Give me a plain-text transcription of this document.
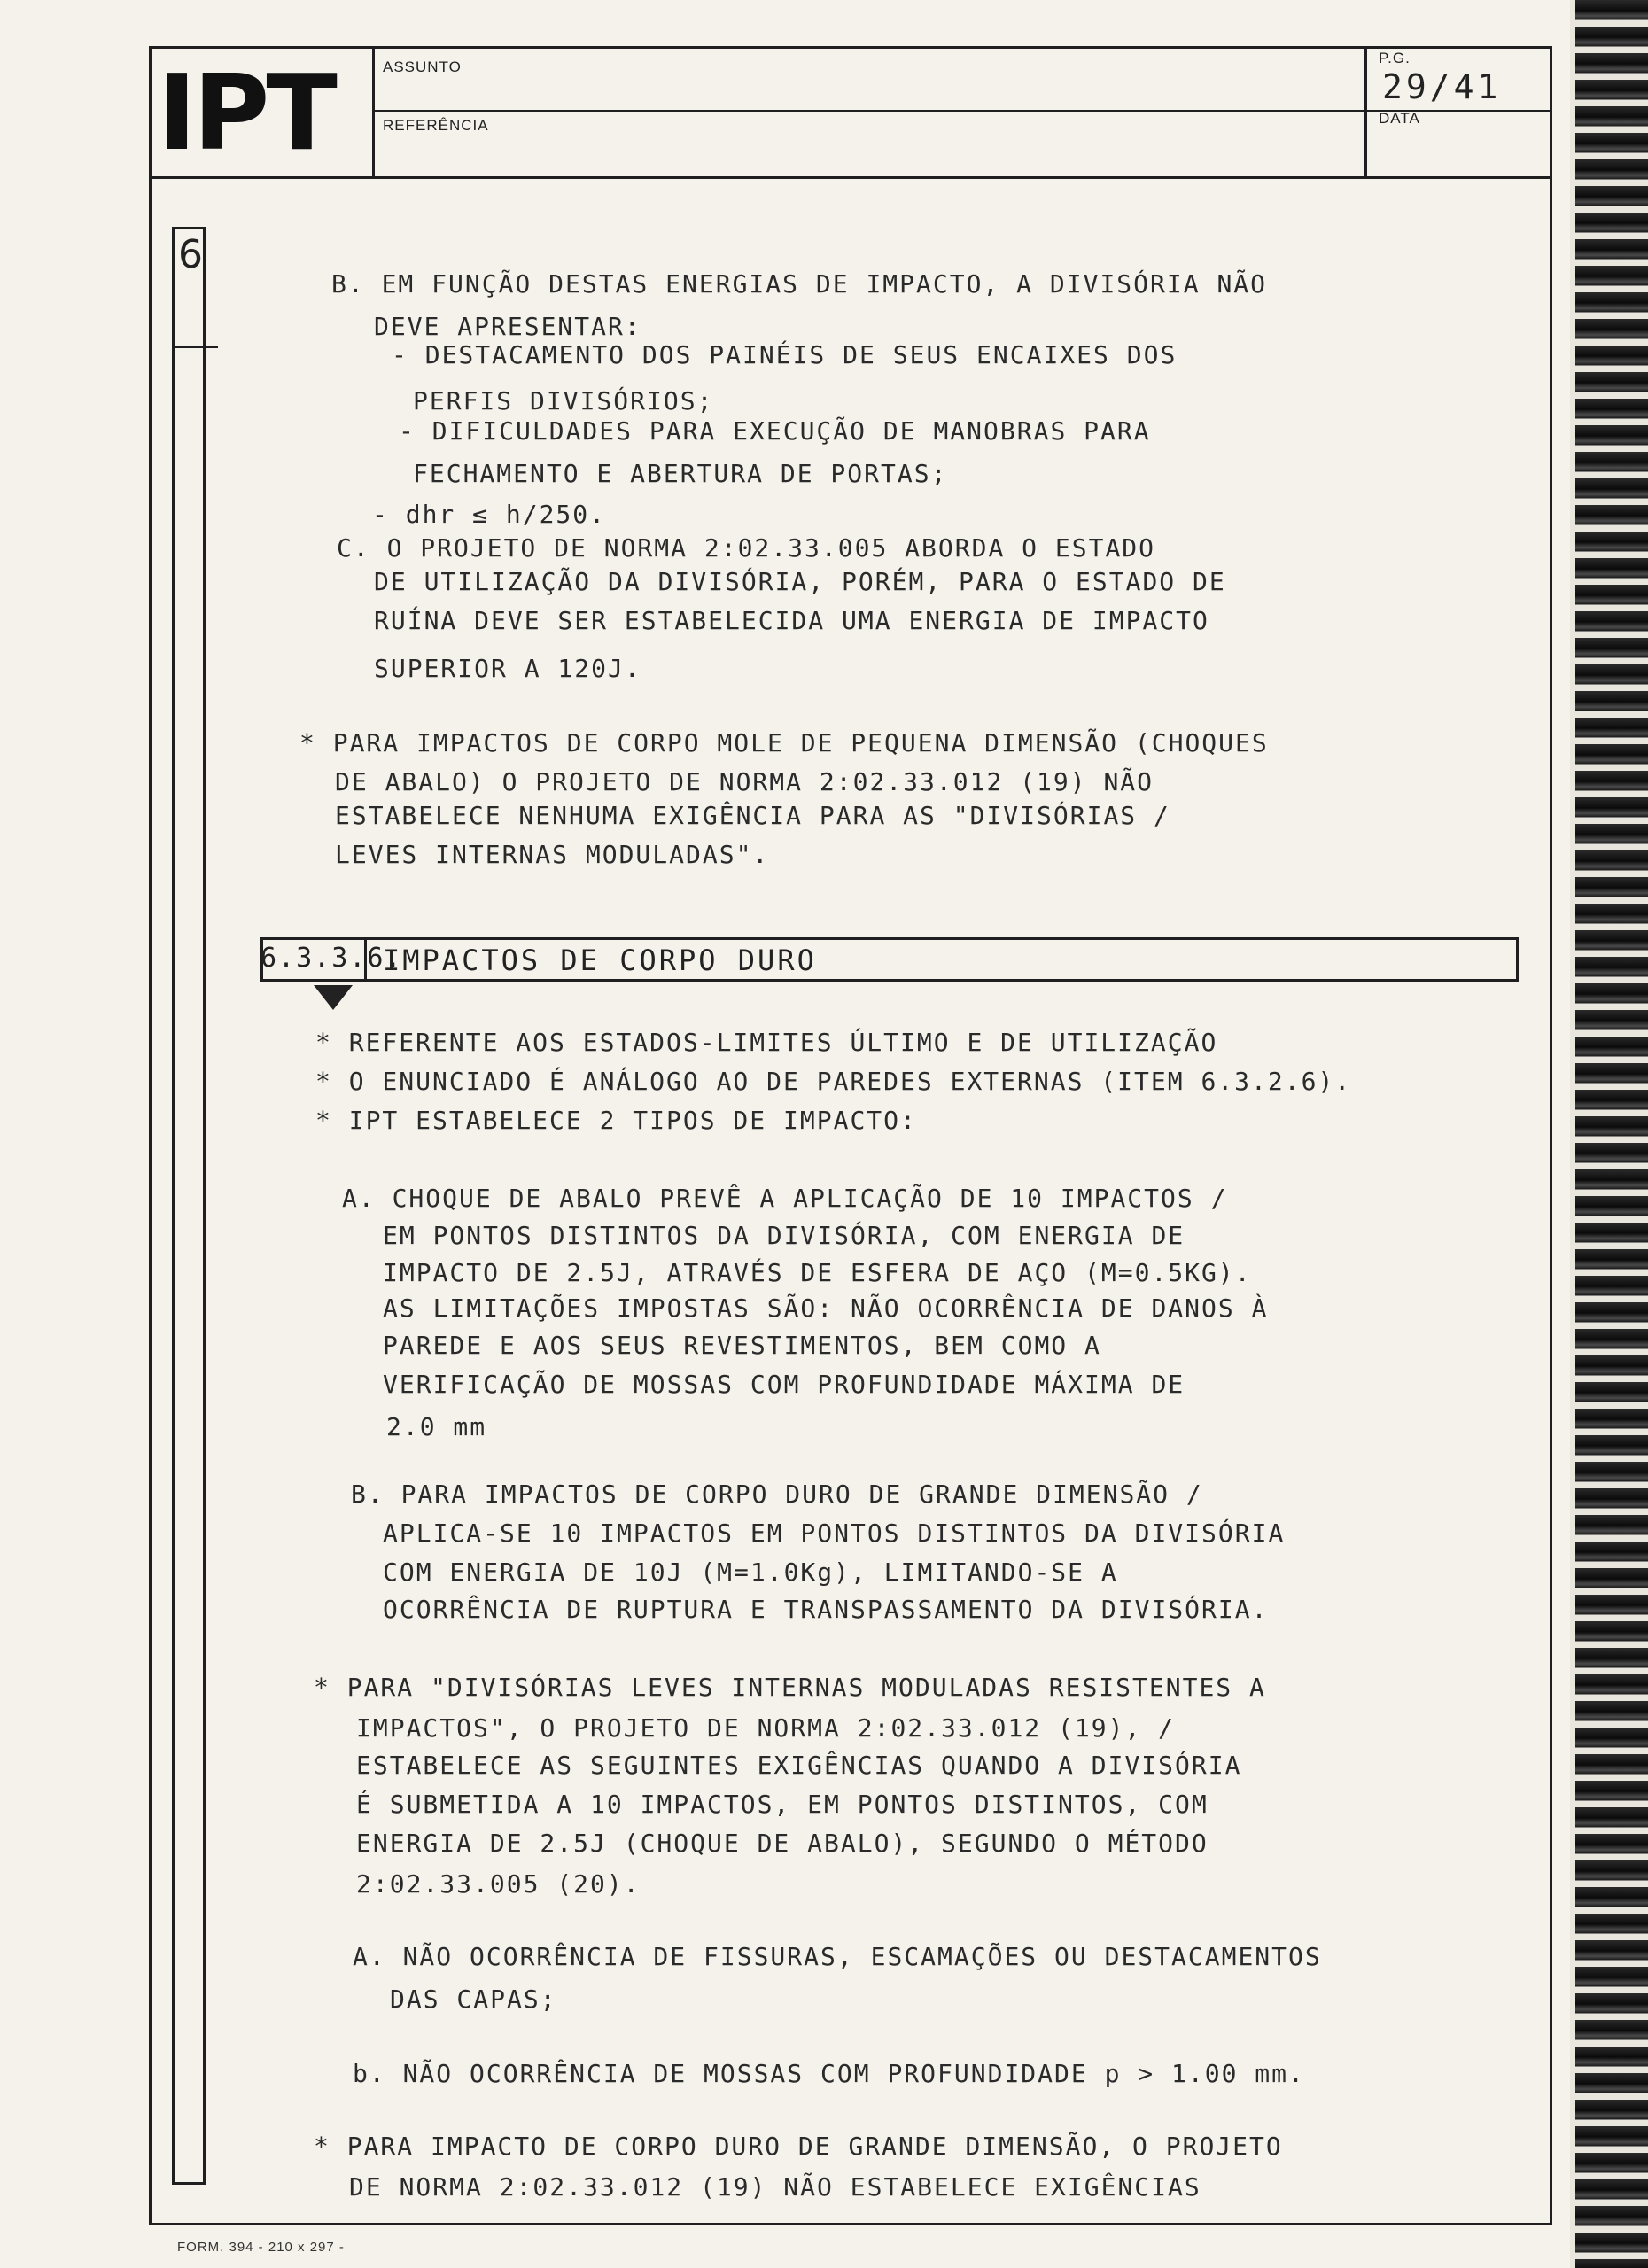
IPT	ASSUNTO
REFERÊNCIA
P.G.
DATA
29/41
6
B. EM FUNÇÃO DESTAS ENERGIAS DE IMPACTO, A DIVISÓRIA NÃO
DEVE APRESENTAR:
- DESTACAMENTO DOS PAINÉIS DE SEUS ENCAIXES DOS
PERFIS DIVISÓRIOS;
- DIFICULDADES PARA EXECUÇÃO DE MANOBRAS PARA
FECHAMENTO E ABERTURA DE PORTAS;
- dhr ≤ h/250.
C. O PROJETO DE NORMA 2:02.33.005 ABORDA O ESTADO
DE UTILIZAÇÃO DA DIVISÓRIA, PORÉM, PARA O ESTADO DE
RUÍNA DEVE SER ESTABELECIDA UMA ENERGIA DE IMPACTO
SUPERIOR A 120J.
* PARA IMPACTOS DE CORPO MOLE DE PEQUENA DIMENSÃO (CHOQUES
DE ABALO) O PROJETO DE NORMA 2:02.33.012 (19) NÃO
ESTABELECE NENHUMA EXIGÊNCIA PARA AS "DIVISÓRIAS /
LEVES INTERNAS MODULADAS".
6.3.3.6.
IMPACTOS DE CORPO DURO
* REFERENTE AOS ESTADOS-LIMITES ÚLTIMO E DE UTILIZAÇÃO
* O ENUNCIADO É ANÁLOGO AO DE PAREDES EXTERNAS (ITEM 6.3.2.6).
* IPT ESTABELECE 2 TIPOS DE IMPACTO:
A. CHOQUE DE ABALO PREVÊ A APLICAÇÃO DE 10 IMPACTOS /
EM PONTOS DISTINTOS DA DIVISÓRIA, COM ENERGIA DE
IMPACTO DE 2.5J, ATRAVÉS DE ESFERA DE AÇO (M=0.5KG).
AS LIMITAÇÕES IMPOSTAS SÃO: NÃO OCORRÊNCIA DE DANOS À
PAREDE E AOS SEUS REVESTIMENTOS, BEM COMO A
VERIFICAÇÃO DE MOSSAS COM PROFUNDIDADE MÁXIMA DE
2.0 mm
B. PARA IMPACTOS DE CORPO DURO DE GRANDE DIMENSÃO /
APLICA-SE 10 IMPACTOS EM PONTOS DISTINTOS DA DIVISÓRIA
COM ENERGIA DE 10J (M=1.0Kg), LIMITANDO-SE A
OCORRÊNCIA DE RUPTURA E TRANSPASSAMENTO DA DIVISÓRIA.
* PARA "DIVISÓRIAS LEVES INTERNAS MODULADAS RESISTENTES A
IMPACTOS", O PROJETO DE NORMA 2:02.33.012 (19), /
ESTABELECE AS SEGUINTES EXIGÊNCIAS QUANDO A DIVISÓRIA
É SUBMETIDA A 10 IMPACTOS, EM PONTOS DISTINTOS, COM
ENERGIA DE 2.5J (CHOQUE DE ABALO), SEGUNDO O MÉTODO
2:02.33.005 (20).
A. NÃO OCORRÊNCIA DE FISSURAS, ESCAMAÇÕES OU DESTACAMENTOS
DAS CAPAS;
b. NÃO OCORRÊNCIA DE MOSSAS COM PROFUNDIDADE p > 1.00 mm.
* PARA IMPACTO DE CORPO DURO DE GRANDE DIMENSÃO, O PROJETO
DE NORMA 2:02.33.012 (19) NÃO ESTABELECE EXIGÊNCIAS
FORM. 394 - 210 x 297 -
